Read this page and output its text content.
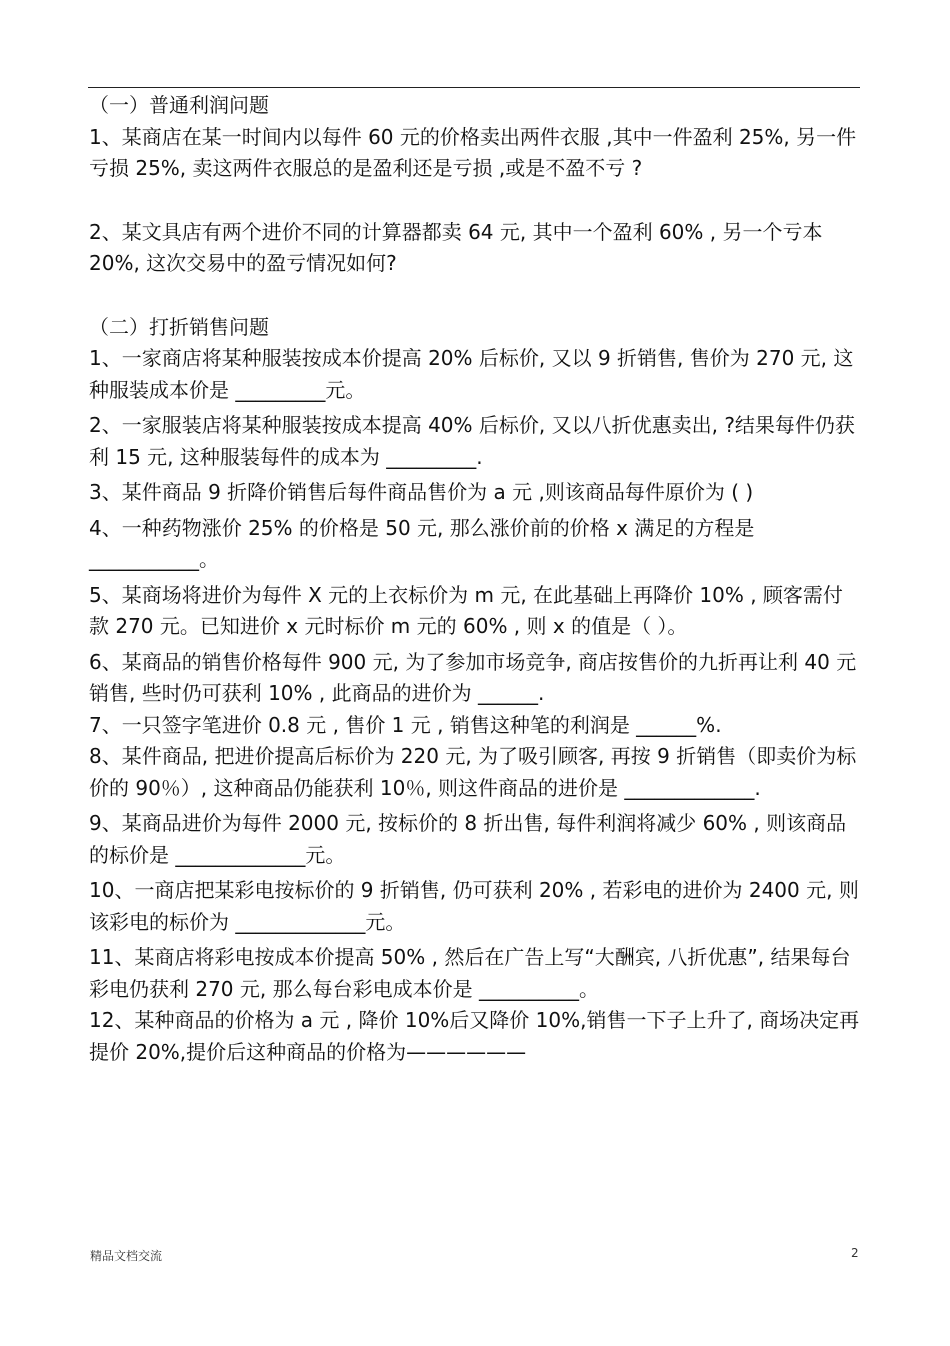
（一）普通利润问题

1、某商店在某一时间内以每件 60 元的价格卖出两件衣服 ,其中一件盈利 25%, 另一件亏损 25%, 卖这两件衣服总的是盈利还是亏损 ,或是不盈不亏 ?

2、某文具店有两个进价不同的计算器都卖 64 元, 其中一个盈利 60% , 另一个亏本 20%, 这次交易中的盈亏情况如何?

（二）打折销售问题

1、一家商店将某种服装按成本价提高 20% 后标价, 又以 9 折销售, 售价为 270 元, 这种服装成本价是 _________元。

2、一家服装店将某种服装按成本提高 40% 后标价, 又以八折优惠卖出, ?结果每件仍获利 15 元, 这种服装每件的成本为 _________.

3、某件商品 9 折降价销售后每件商品售价为 a 元 ,则该商品每件原价为 ( )

4、一种药物涨价 25% 的价格是 50 元, 那么涨价前的价格 x 满足的方程是 ___________。

5、某商场将进价为每件 X 元的上衣标价为 m 元, 在此基础上再降价 10% , 顾客需付款 270 元。已知进价 x 元时标价 m 元的 60% , 则 x 的值是（ ）。

6、某商品的销售价格每件 900 元, 为了参加市场竞争, 商店按售价的九折再让利 40 元销售, 些时仍可获利 10% , 此商品的进价为 ______.

7、一只签字笔进价 0.8 元 , 售价 1 元 , 销售这种笔的利润是 ______%.

8、某件商品, 把进价提高后标价为 220 元, 为了吸引顾客, 再按 9 折销售（即卖价为标价的 90％）, 这种商品仍能获利 10％, 则这件商品的进价是 _____________.

9、某商品进价为每件 2000 元, 按标价的 8 折出售, 每件利润将减少 60% , 则该商品的标价是 _____________元。

10、一商店把某彩电按标价的 9 折销售, 仍可获利 20% , 若彩电的进价为 2400 元, 则该彩电的标价为 _____________元。

11、某商店将彩电按成本价提高 50% , 然后在广告上写“大酬宾, 八折优惠”, 结果每台彩电仍获利 270 元, 那么每台彩电成本价是 __________。

12、某种商品的价格为 a 元 , 降价 10%后又降价 10%,销售一下子上升了, 商场决定再提价 20%,提价后这种商品的价格为——————

精品文档交流	2
